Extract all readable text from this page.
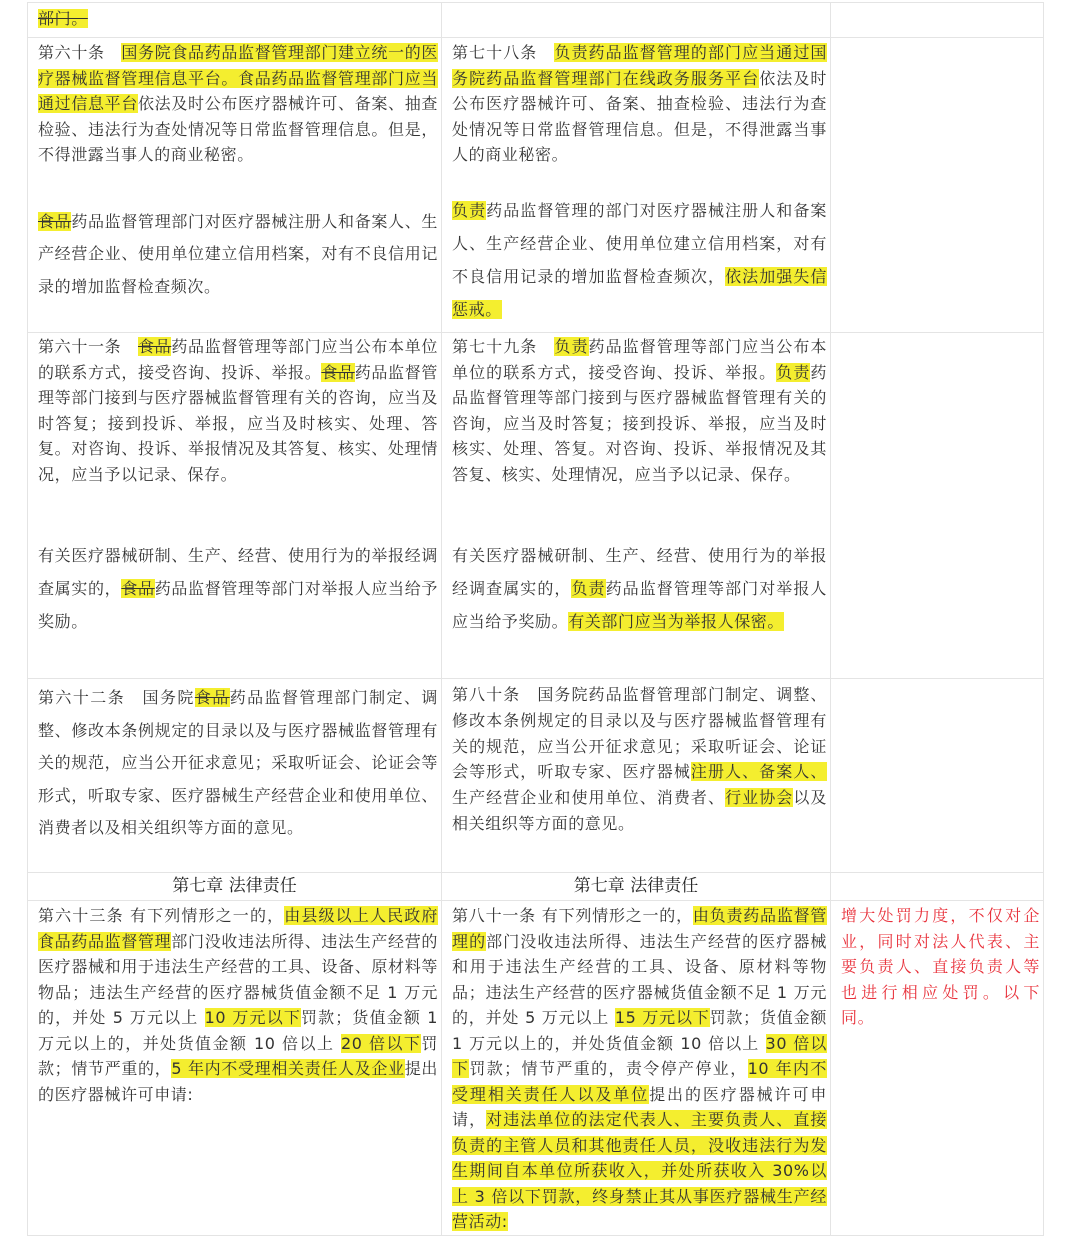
部门。

第六十条　 国务院食品药品监督管理部门建立统一的医疗器械监督管理信息平台。食品药品监督管理部门应当通过信息平台依法及时公布医疗器械许可、备案、抽查检验、违法行为查处情况等日常监督管理信息。但是，不得泄露当事人的商业秘密。

食品药品监督管理部门对医疗器械注册人和备案人、生产经营企业、使用单位建立信用档案，对有不良信用记录的增加监督检查频次。

第七十八条　 负责药品监督管理的部门应当通过国务院药品监督管理部门在线政务服务平台依法及时公布医疗器械许可、备案、抽查检验、违法行为查处情况等日常监督管理信息。但是，不得泄露当事人的商业秘密。

负责药品监督管理的部门对医疗器械注册人和备案人、生产经营企业、使用单位建立信用档案，对有不良信用记录的增加监督检查频次，依法加强失信惩戒。

第六十一条　 食品药品监督管理等部门应当公布本单位的联系方式，接受咨询、投诉、举报。食品药品监督管理等部门接到与医疗器械监督管理有关的咨询，应当及时答复；接到投诉、举报，应当及时核实、处理、答复。对咨询、投诉、举报情况及其答复、核实、处理情况，应当予以记录、保存。

有关医疗器械研制、生产、经营、使用行为的举报经调查属实的，食品药品监督管理等部门对举报人应当给予奖励。

第七十九条　 负责药品监督管理等部门应当公布本单位的联系方式，接受咨询、投诉、举报。负责药品监督管理等部门接到与医疗器械监督管理有关的咨询，应当及时答复；接到投诉、举报，应当及时核实、处理、答复。对咨询、投诉、举报情况及其答复、核实、处理情况，应当予以记录、保存。

有关医疗器械研制、生产、经营、使用行为的举报经调查属实的，负责药品监督管理等部门对举报人应当给予奖励。有关部门应当为举报人保密。

第六十二条　国务院食品药品监督管理部门制定、调整、修改本条例规定的目录以及与医疗器械监督管理有关的规范，应当公开征求意见；采取听证会、论证会等形式，听取专家、医疗器械生产经营企业和使用单位、消费者以及相关组织等方面的意见。

第八十条　国务院药品监督管理部门制定、调整、修改本条例规定的目录以及与医疗器械监督管理有关的规范，应当公开征求意见；采取听证会、论证会等形式，听取专家、医疗器械注册人、备案人、生产经营企业和使用单位、消费者、行业协会以及相关组织等方面的意见。

第七章 法律责任	第七章 法律责任

第六十三条 有下列情形之一的，由县级以上人民政府食品药品监督管理部门没收违法所得、违法生产经营的医疗器械和用于违法生产经营的工具、设备、原材料等物品；违法生产经营的医疗器械货值金额不足 1 万元的，并处 5 万元以上 10 万元以下罚款；货值金额 1 万元以上的，并处货值金额 10 倍以上 20 倍以下罚款；情节严重的，5 年内不受理相关责任人及企业提出的医疗器械许可申请:

第八十一条 有下列情形之一的，由负责药品监督管理的部门没收违法所得、违法生产经营的医疗器械和用于违法生产经营的工具、设备、原材料等物品；违法生产经营的医疗器械货值金额不足 1 万元的，并处 5 万元以上 15 万元以下罚款；货值金额 1 万元以上的，并处货值金额 10 倍以上 30 倍以下罚款；情节严重的，责令停产停业，10 年内不受理相关责任人以及单位提出的医疗器械许可申请，对违法单位的法定代表人、主要负责人、直接负责的主管人员和其他责任人员，没收违法行为发生期间自本单位所获收入，并处所获收入 30%以上 3 倍以下罚款，终身禁止其从事医疗器械生产经营活动:

增大处罚力度，不仅对企业，同时对法人代表、主要负责人、直接负责人等也进行相应处罚。以下同。
